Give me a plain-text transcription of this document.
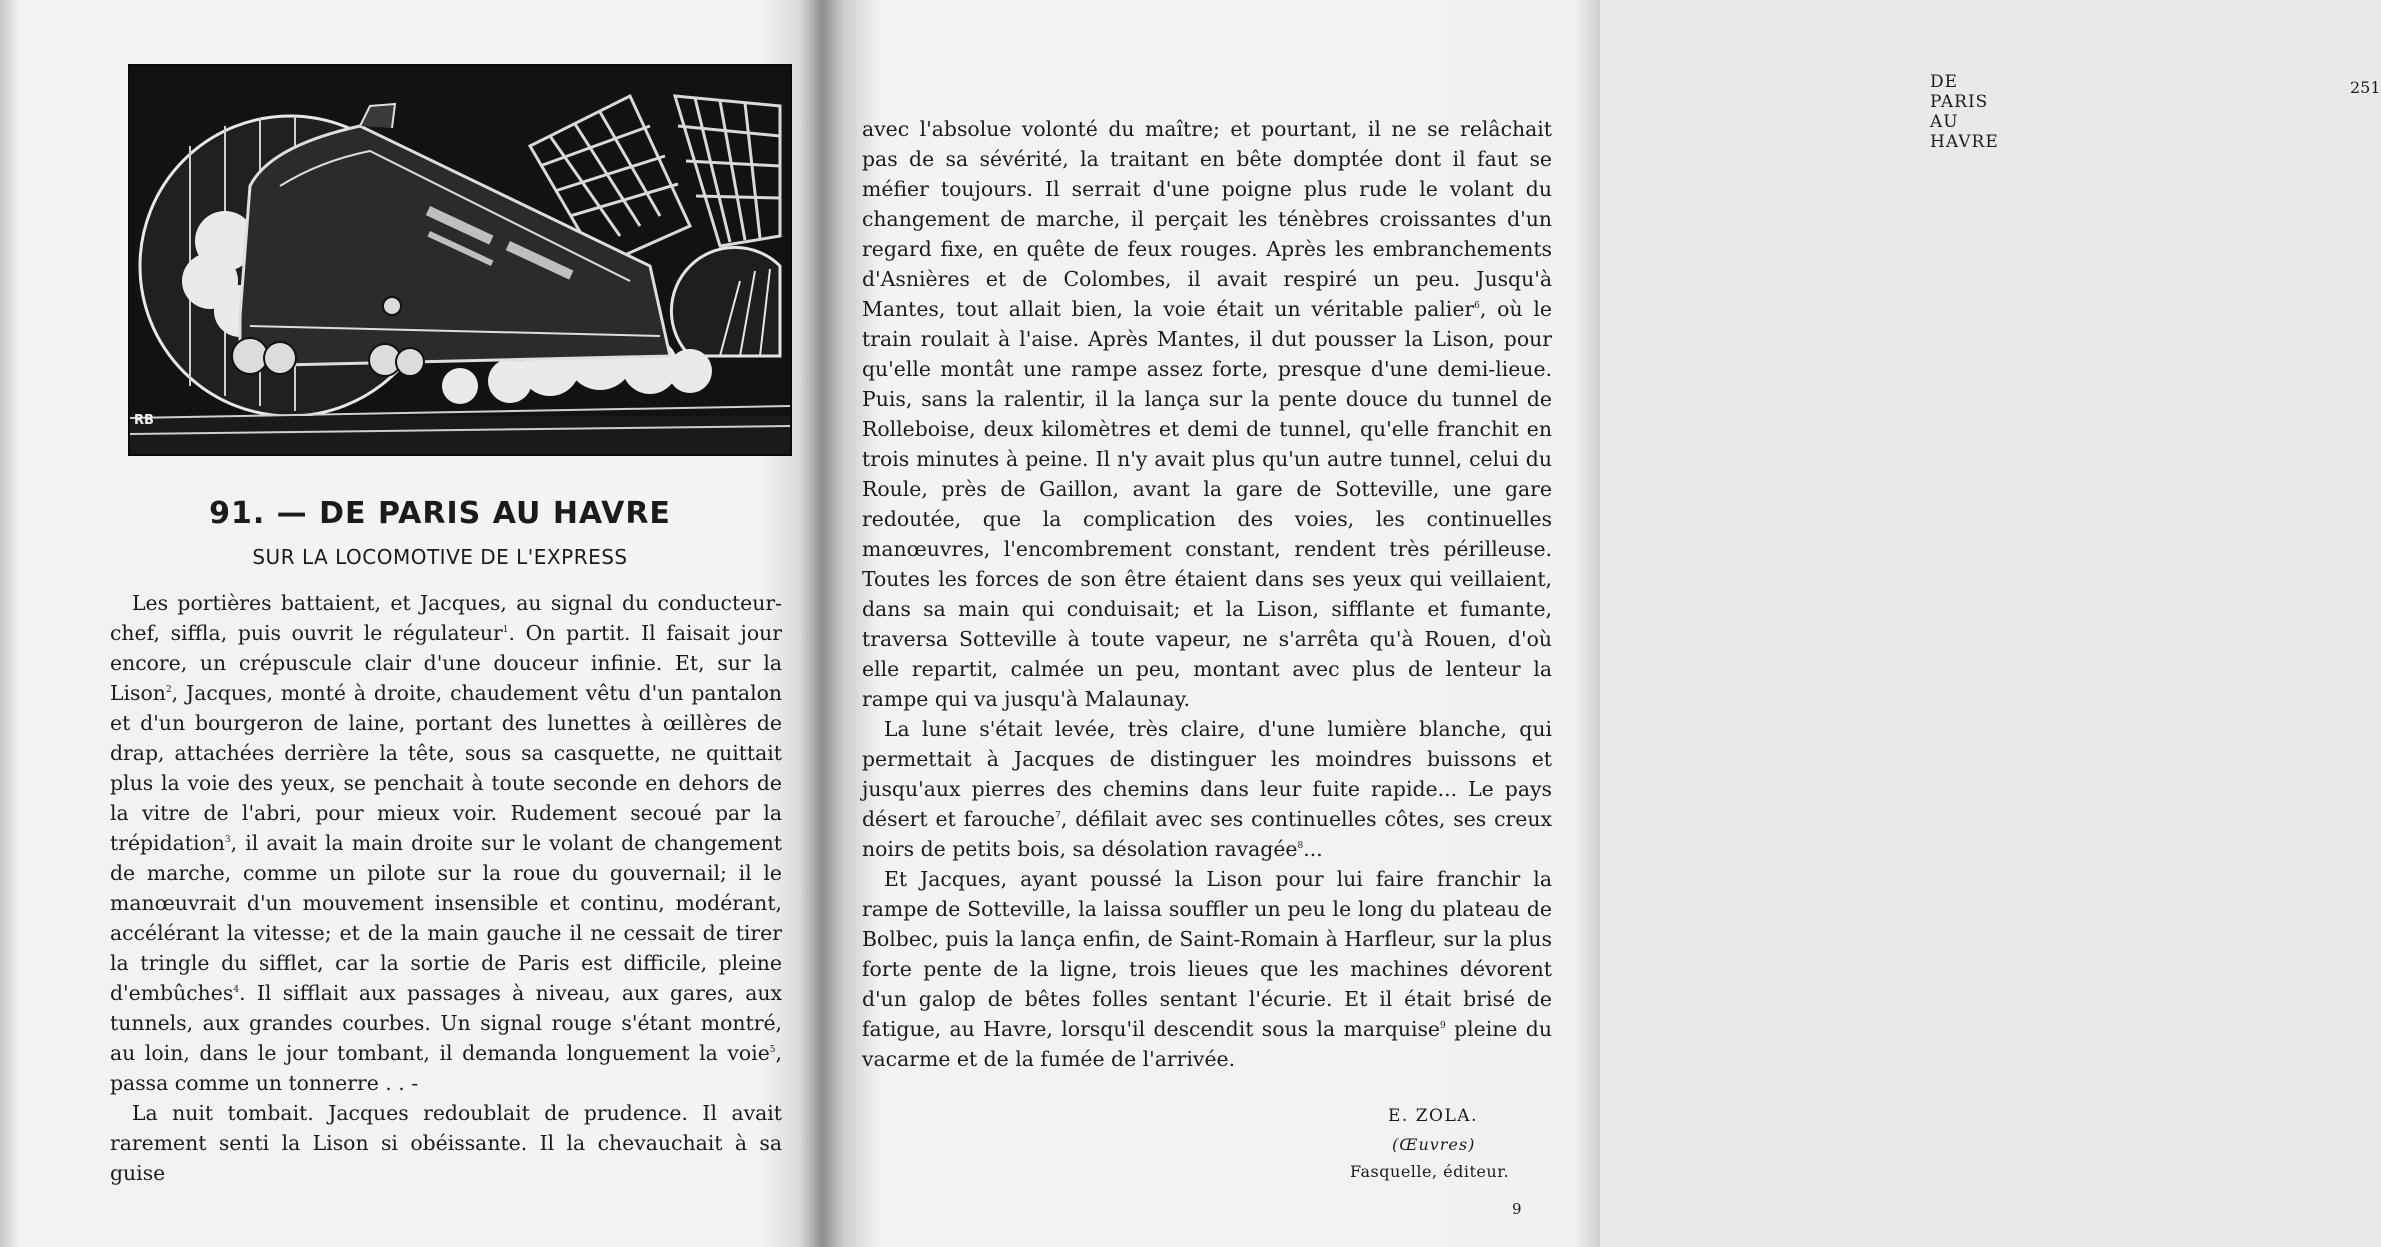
RB
91. — DE PARIS AU HAVRE
SUR LA LOCOMOTIVE DE L'EXPRESS

Les portières battaient, et Jacques, au signal du conducteur-chef, siffla, puis ouvrit le régulateur$^1$. On partit. Il faisait jour encore, un crépuscule clair d'une douceur infinie. Et, sur la Lison$^2$, Jacques, monté à droite, chaudement vêtu d'un pantalon et d'un bourgeron de laine, portant des lunettes à œillères de drap, attachées derrière la tête, sous sa casquette, ne quittait plus la voie des yeux, se penchait à toute seconde en dehors de la vitre de l'abri, pour mieux voir. Rudement secoué par la trépidation$^3$, il avait la main droite sur le volant de changement de marche, comme un pilote sur la roue du gouvernail; il le manœuvrait d'un mouvement insensible et continu, modérant, accélérant la vitesse; et de la main gauche il ne cessait de tirer la tringle du sifflet, car la sortie de Paris est difficile, pleine d'embûches$^4$. Il sifflait aux passages à niveau, aux gares, aux tunnels, aux grandes courbes. Un signal rouge s'étant montré, au loin, dans le jour tombant, il demanda longuement la voie$^5$, passa comme un tonnerre . . -

La nuit tombait. Jacques redoublait de prudence. Il avait rarement senti la Lison si obéissante. Il la chevauchait à sa guise

DE PARIS AU HAVRE
251

avec l'absolue volonté du maître; et pourtant, il ne se relâchait pas de sa sévérité, la traitant en bête domptée dont il faut se méfier toujours. Il serrait d'une poigne plus rude le volant du changement de marche, il perçait les ténèbres croissantes d'un regard fixe, en quête de feux rouges. Après les embranchements d'Asnières et de Colombes, il avait respiré un peu. Jusqu'à Mantes, tout allait bien, la voie était un véritable palier$^6$, où le train roulait à l'aise. Après Mantes, il dut pousser la Lison, pour qu'elle montât une rampe assez forte, presque d'une demi-lieue. Puis, sans la ralentir, il la lança sur la pente douce du tunnel de Rolleboise, deux kilomètres et demi de tunnel, qu'elle franchit en trois minutes à peine. Il n'y avait plus qu'un autre tunnel, celui du Roule, près de Gaillon, avant la gare de Sotteville, une gare redoutée, que la complication des voies, les continuelles manœuvres, l'encombrement constant, rendent très périlleuse. Toutes les forces de son être étaient dans ses yeux qui veillaient, dans sa main qui conduisait; et la Lison, sifflante et fumante, traversa Sotteville à toute vapeur, ne s'arrêta qu'à Rouen, d'où elle repartit, calmée un peu, montant avec plus de lenteur la rampe qui va jusqu'à Malaunay.

La lune s'était levée, très claire, d'une lumière blanche, qui permettait à Jacques de distinguer les moindres buissons et jusqu'aux pierres des chemins dans leur fuite rapide... Le pays désert et farouche$^7$, défilait avec ses continuelles côtes, ses creux noirs de petits bois, sa désolation ravagée$^8$...

Et Jacques, ayant poussé la Lison pour lui faire franchir la rampe de Sotteville, la laissa souffler un peu le long du plateau de Bolbec, puis la lança enfin, de Saint-Romain à Harfleur, sur la plus forte pente de la ligne, trois lieues que les machines dévorent d'un galop de bêtes folles sentant l'écurie. Et il était brisé de fatigue, au Havre, lorsqu'il descendit sous la marquise$^9$ pleine du vacarme et de la fumée de l'arrivée.

E. ZOLA.
(Œuvres)
Fasquelle, éditeur.
9
